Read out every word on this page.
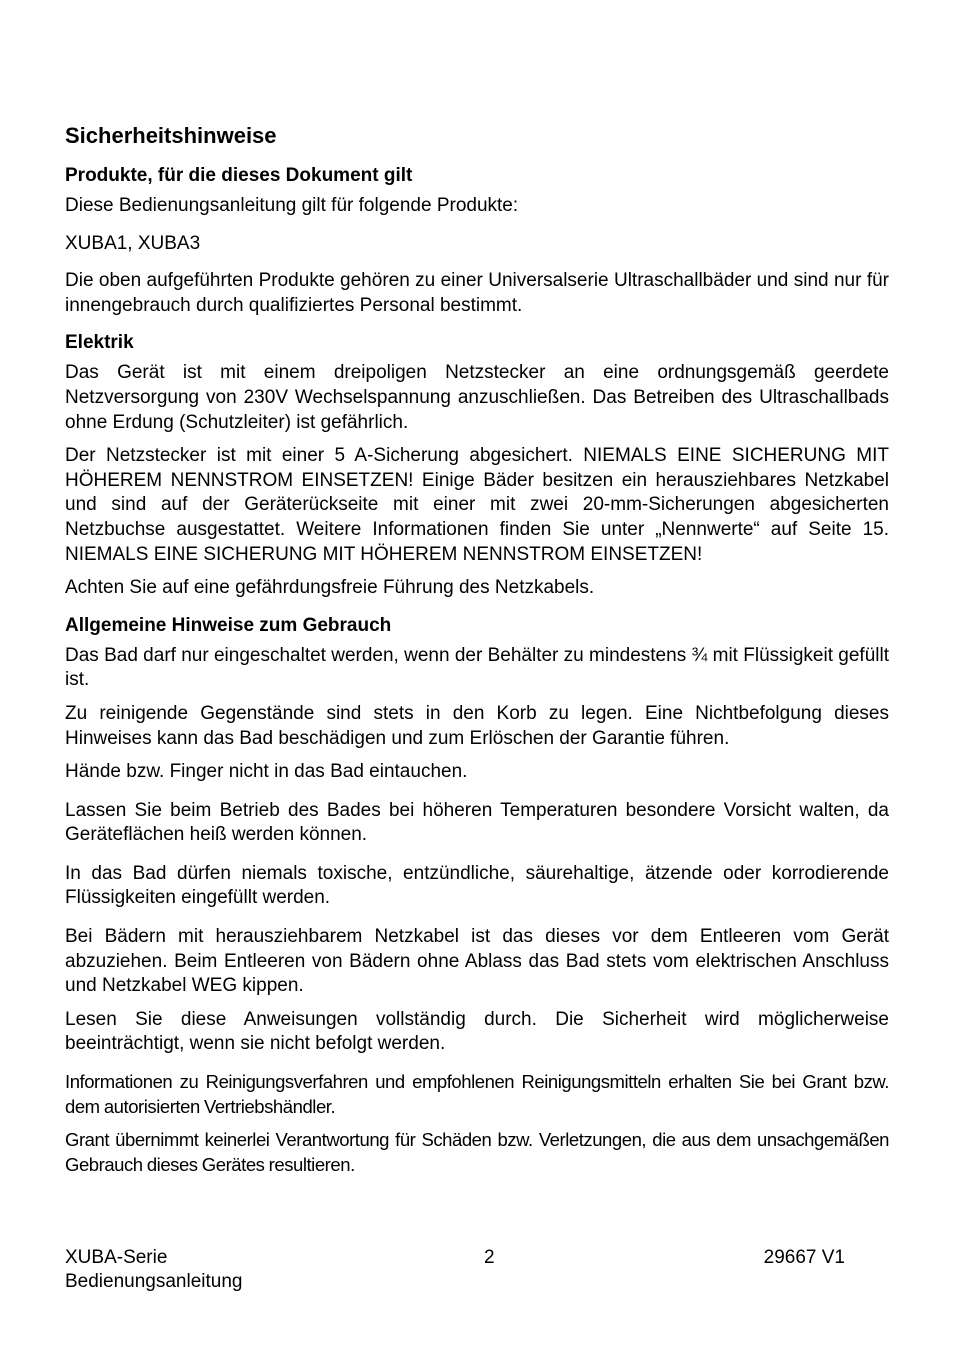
Sicherheitshinweise
Produkte, für die dieses Dokument gilt

Diese Bedienungsanleitung gilt für folgende Produkte:

XUBA1, XUBA3

Die oben aufgeführten Produkte gehören zu einer Universalserie Ultraschallbäder und sind nur für innengebrauch durch qualifiziertes Personal bestimmt.

Elektrik

Das Gerät ist mit einem dreipoligen Netzstecker an eine ordnungsgemäß geerdete Netzversorgung von 230V Wechselspannung anzuschließen. Das Betreiben des Ultraschallbads ohne Erdung (Schutzleiter) ist gefährlich.

Der Netzstecker ist mit einer 5 A-Sicherung abgesichert. NIEMALS EINE SICHERUNG MIT HÖHEREM NENNSTROM EINSETZEN! Einige Bäder besitzen ein herausziehbares Netzkabel und sind auf der Geräterückseite mit einer mit zwei 20-mm-Sicherungen abgesicherten Netzbuchse ausgestattet. Weitere Informationen finden Sie unter „Nennwerte“ auf Seite 15. NIEMALS EINE SICHERUNG MIT HÖHEREM NENNSTROM EINSETZEN!

Achten Sie auf eine gefährdungsfreie Führung des Netzkabels.

Allgemeine Hinweise zum Gebrauch

Das Bad darf nur eingeschaltet werden, wenn der Behälter zu mindestens ¾ mit Flüssigkeit gefüllt ist.

Zu reinigende Gegenstände sind stets in den Korb zu legen. Eine Nichtbefolgung dieses Hinweises kann das Bad beschädigen und zum Erlöschen der Garantie führen.

Hände bzw. Finger nicht in das Bad eintauchen.

Lassen Sie beim Betrieb des Bades bei höheren Temperaturen besondere Vorsicht walten, da Geräteflächen heiß werden können.

In das Bad dürfen niemals toxische, entzündliche, säurehaltige, ätzende oder korrodierende Flüssigkeiten eingefüllt werden.

Bei Bädern mit herausziehbarem Netzkabel ist das dieses vor dem Entleeren vom Gerät abzuziehen. Beim Entleeren von Bädern ohne Ablass das Bad stets vom elektrischen Anschluss und Netzkabel WEG kippen.

Lesen Sie diese Anweisungen vollständig durch. Die Sicherheit wird möglicherweise beeinträchtigt, wenn sie nicht befolgt werden.

Informationen zu Reinigungsverfahren und empfohlenen Reinigungsmitteln erhalten Sie bei Grant bzw. dem autorisierten Vertriebshändler.

Grant übernimmt keinerlei Verantwortung für Schäden bzw. Verletzungen, die aus dem unsachgemäßen Gebrauch dieses Gerätes resultieren.

XUBA-Serie
Bedienungsanleitung
2	29667 V1
